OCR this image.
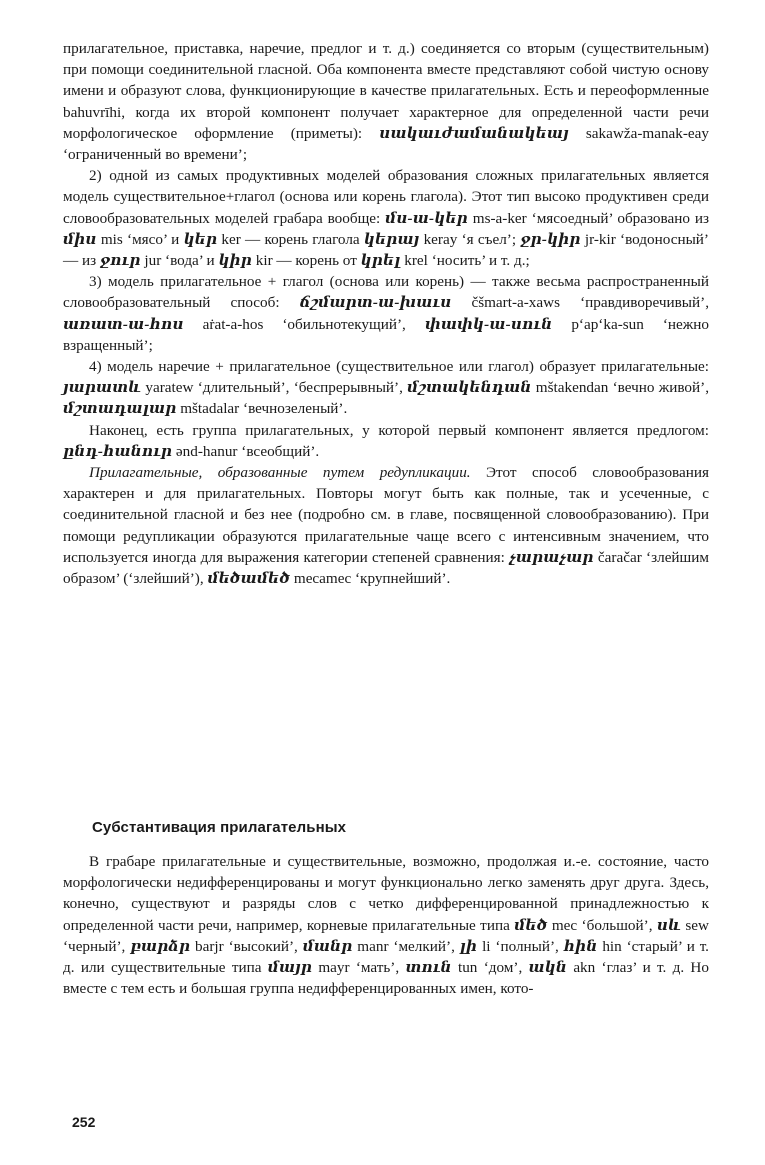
прилагательное, приставка, наречие, предлог и т. д.) соединяется со вторым (существительным) при помощи соединительной гласной. Оба компонента вместе представляют собой чистую основу имени и образуют слова, функционирующие в качестве прилагательных. Есть и переоформленные bahuvrīhi, когда их второй компонент получает характерное для определенной части речи морфологическое оформление (приметы): սակաւժամանակեայ sakawža-manak-eay ‘ограниченный во времени’;

2) одной из самых продуктивных моделей образования сложных прилагательных является модель существительное+глагол (основа или корень глагола). Этот тип высоко продуктивен среди словообразовательных моделей грабара вообще: մս-ա-կեր ms-a-ker ‘мясоедный’ образовано из միս mis ‘мясо’ и կեր ker — корень глагола կերայ keray ‘я съел’; ջր-կիր jr-kir ‘водоносный’ — из ջուր jur ‘вода’ и կիր kir — корень от կրել krel ‘носить’ и т. д.;

3) модель прилагательное + глагол (основа или корень) — также весьма распространенный словообразовательный способ: ճշմարտ-ա-խաւս čšmart-a-xaws ‘правдиворечивый’, առատ-ա-հոս aṙat-a-hos ‘обильнотекущий’, փափկ-ա-սուն p‘ap‘ka-sun ‘нежно взращенный’;

4) модель наречие + прилагательное (существительное или глагол) образует прилагательные: յարատև yaratew ‘длительный’, ‘беспрерывный’, մշտակենդան mštakendan ‘вечно живой’, մշտադալար mštadalar ‘вечнозеленый’.

Наконец, есть группа прилагательных, у которой первый компонент является предлогом: ընդ-հանուր ənd-hanur ‘всеобщий’.

Прилагательные, образованные путем редупликации. Этот способ словообразования характерен и для прилагательных. Повторы могут быть как полные, так и усеченные, с соединительной гласной и без нее (подробно см. в главе, посвященной словообразованию). При помощи редупликации образуются прилагательные чаще всего с интенсивным значением, что используется иногда для выражения категории степеней сравнения: չարաչար čaračar ‘злейшим образом’ (‘злейший’), մեծամեծ mecamec ‘крупнейший’.

Субстантивация прилагательных

В грабаре прилагательные и существительные, возможно, продолжая и.-е. состояние, часто морфологически недифференцированы и могут функционально легко заменять друг друга. Здесь, конечно, существуют и разряды слов с четко дифференцированной принадлежностью к определенной части речи, например, корневые прилагательные типа մեծ mec ‘большой’, սև sew ‘черный’, բարձր barjr ‘высокий’, մանր manr ‘мелкий’, լի li ‘полный’, հին hin ‘старый’ и т. д. или существительные типа մայր mayr ‘мать’, տուն tun ‘дом’, ակն akn ‘глаз’ и т. д. Но вместе с тем есть и большая группа недифференцированных имен, кото-

252
